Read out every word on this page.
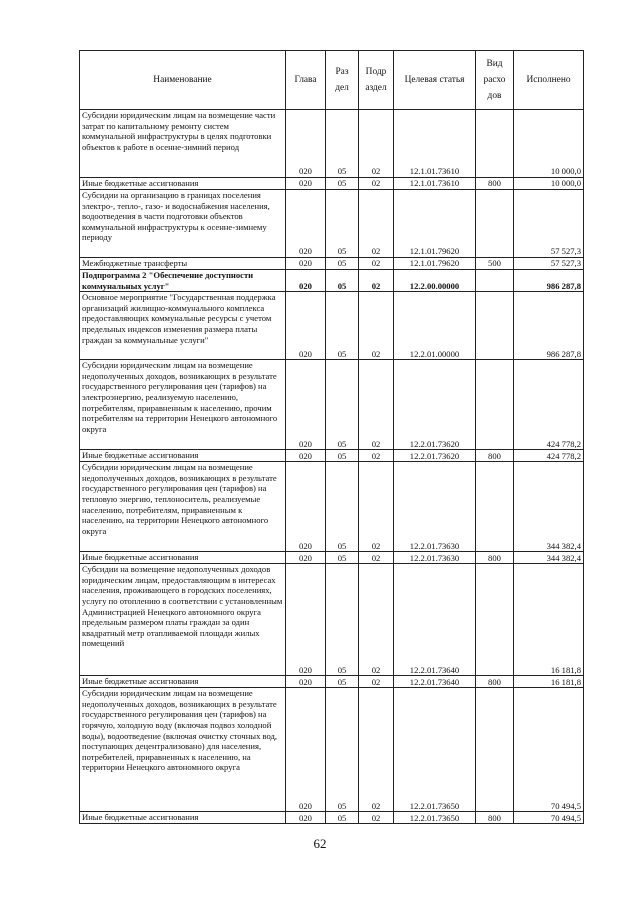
Наименование	Глава	Раз дел	Подр аздел	Целевая статья	Вид расхо дов	Исполнено
Субсидии юридическим лицам на возмещение части затрат по капитальному ремонту систем коммунальной инфраструктуры в целях подготовки объектов к работе в осенне-зимний период	020	05	02	12.1.01.73610		10 000,0
Иные бюджетные ассигнования	020	05	02	12.1.01.73610	800	10 000,0
Субсидии на организацию в границах поселения электро-, тепло-, газо- и водоснабжения населения, водоотведения в части подготовки объектов коммунальной инфраструктуры к осенне-зимнему периоду	020	05	02	12.1.01.79620		57 527,3
Межбюджетные трансферты	020	05	02	12.1.01.79620	500	57 527,3
Подпрограмма 2 "Обеспечение доступности коммунальных услуг"	020	05	02	12.2.00.00000		986 287,8
Основное мероприятие "Государственная поддержка организаций жилищно-коммунального комплекса предоставляющих коммунальные ресурсы с учетом предельных индексов изменения размера платы граждан за коммунальные услуги"	020	05	02	12.2.01.00000		986 287,8
Субсидии юридическим лицам на возмещение недополученных доходов, возникающих в результате государственного регулирования цен (тарифов) на электроэнергию, реализуемую населению, потребителям, приравненным к населению, прочим потребителям на территории Ненецкого автономного округа	020	05	02	12.2.01.73620		424 778,2
Иные бюджетные ассигнования	020	05	02	12.2.01.73620	800	424 778,2
Субсидии юридическим лицам на возмещение недополученных доходов, возникающих в результате государственного регулирования цен (тарифов) на тепловую энергию, теплоноситель, реализуемые населению, потребителям, приравненным к населению, на территории Ненецкого автономного округа	020	05	02	12.2.01.73630		344 382,4
Иные бюджетные ассигнования	020	05	02	12.2.01.73630	800	344 382,4
Субсидии на возмещение недополученных доходов юридическим лицам, предоставляющим в интересах населения, проживающего в городских поселениях, услугу по отоплению в соответствии с установленным Администрацией Ненецкого автономного округа предельным размером платы граждан за один квадратный метр отапливаемой площади жилых помещений	020	05	02	12.2.01.73640		16 181,8
Иные бюджетные ассигнования	020	05	02	12.2.01.73640	800	16 181,8
Субсидии юридическим лицам на возмещение недополученных доходов, возникающих в результате государственного регулирования цен (тарифов) на горячую, холодную воду (включая подвоз холодной воды), водоотведение (включая очистку сточных вод, поступающих децентрализовано) для населения, потребителей, приравненных к населению, на территории Ненецкого автономного округа	020	05	02	12.2.01.73650		70 494,5
Иные бюджетные ассигнования	020	05	02	12.2.01.73650	800	70 494,5
62
